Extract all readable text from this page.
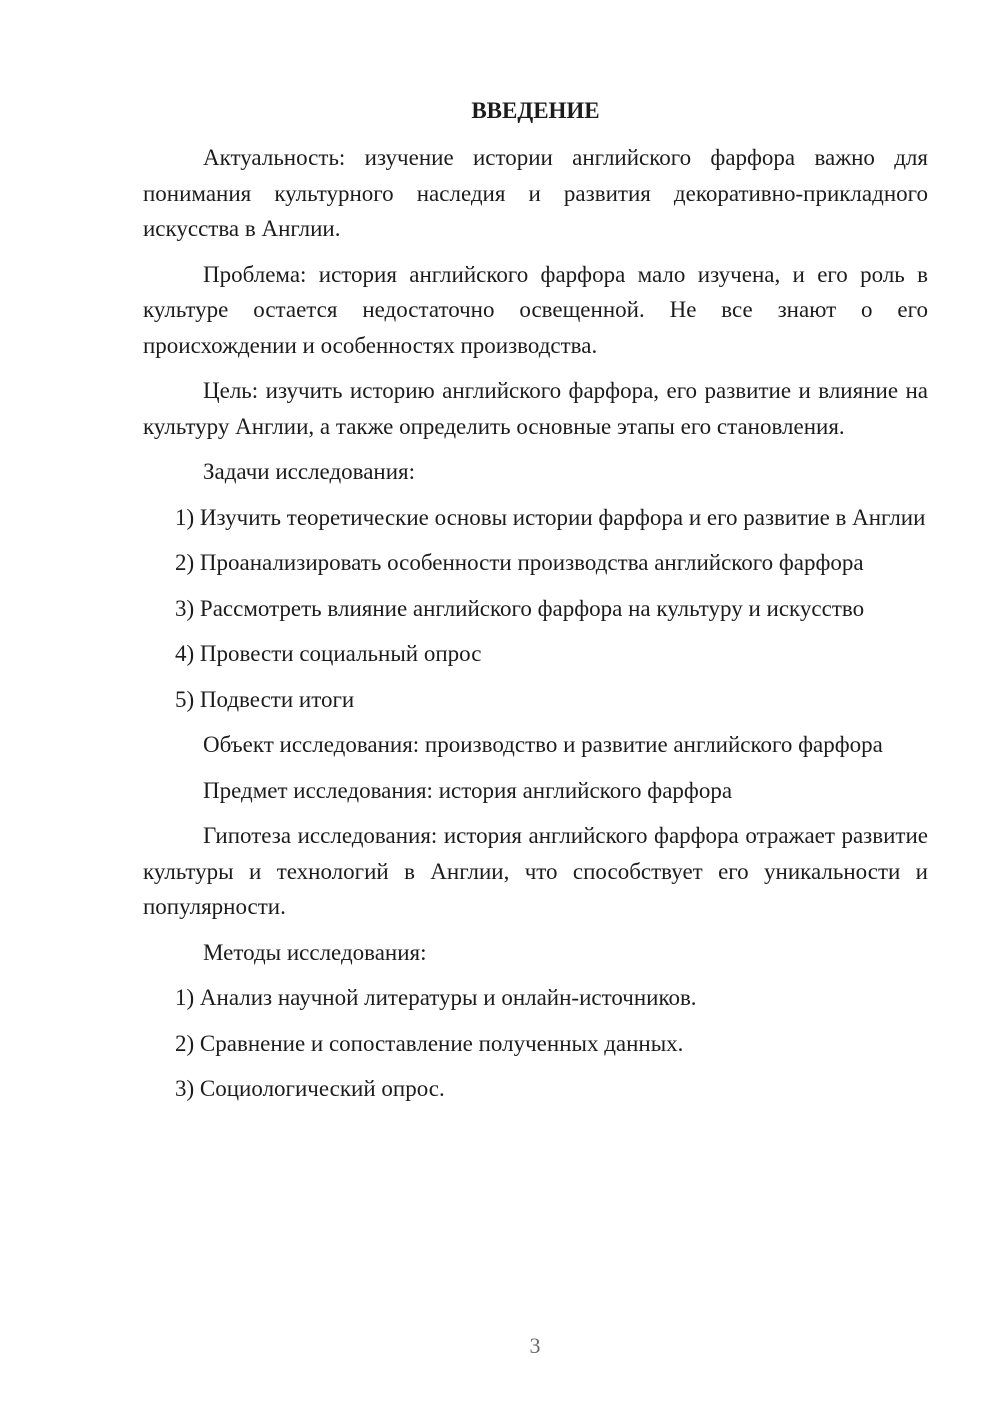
ВВЕДЕНИЕ

Актуальность: изучение истории английского фарфора важно для понимания культурного наследия и развития декоративно-прикладного искусства в Англии.

Проблема: история английского фарфора мало изучена, и его роль в культуре остается недостаточно освещенной. Не все знают о его происхождении и особенностях производства.

Цель: изучить историю английского фарфора, его развитие и влияние на культуру Англии, а также определить основные этапы его становления.

Задачи исследования:

1) Изучить теоретические основы истории фарфора и его развитие в Англии

2) Проанализировать особенности производства английского фарфора

3) Рассмотреть влияние английского фарфора на культуру и искусство

4) Провести социальный опрос

5) Подвести итоги

Объект исследования: производство и развитие английского фарфора

Предмет исследования: история английского фарфора

Гипотеза исследования: история английского фарфора отражает развитие культуры и технологий в Англии, что способствует его уникальности и популярности.

Методы исследования:

1) Анализ научной литературы и онлайн-источников.

2) Сравнение и сопоставление полученных данных.

3) Социологический опрос.

3
